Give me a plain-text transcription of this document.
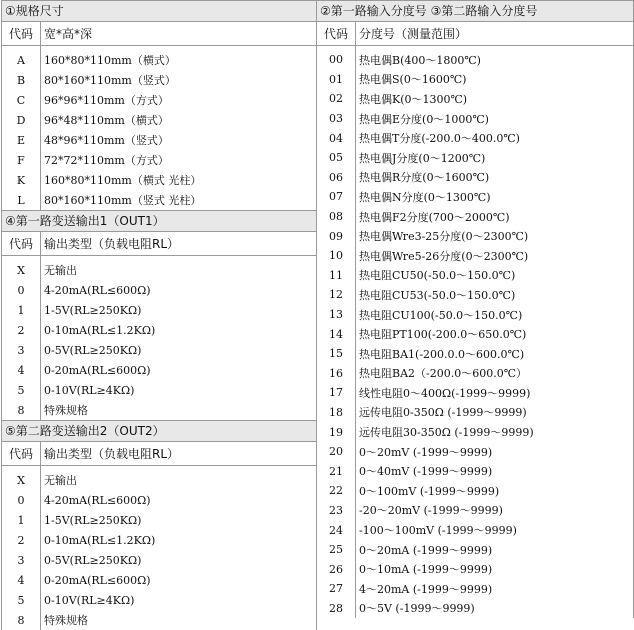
①规格尺寸
代码	宽*高*深

A	160*80*110mm（横式）
B	80*160*110mm（竖式）
C	96*96*110mm（方式）
D	96*48*110mm（横式）
E	48*96*110mm（竖式）
F	72*72*110mm（方式）
K	160*80*110mm（横式 光柱）
L	80*160*110mm（竖式 光柱）
④第一路变送输出1（OUT1）
代码	输出类型（负载电阻RL）

X	无输出
0	4-20mA(RL≤600Ω)
1	1-5V(RL≥250KΩ)
2	0-10mA(RL≤1.2KΩ)
3	0-5V(RL≥250KΩ)
4	0-20mA(RL≤600Ω)
5	0-10V(RL≥4KΩ)
8	特殊规格
⑤第二路变送输出2（OUT2）
代码	输出类型（负载电阻RL）

X	无输出
0	4-20mA(RL≤600Ω)
1	1-5V(RL≥250KΩ)
2	0-10mA(RL≤1.2KΩ)
3	0-5V(RL≥250KΩ)
4	0-20mA(RL≤600Ω)
5	0-10V(RL≥4KΩ)
8	特殊规格
②第一路输入分度号 ③第二路输入分度号
代码	分度号（测量范围）

00	热电偶B(400～1800℃)
01	热电偶S(0～1600℃)
02	热电偶K(0～1300℃)
03	热电偶E分度(0～1000℃)
04	热电偶T分度(-200.0～400.0℃)
05	热电偶J分度(0～1200℃)
06	热电偶R分度(0～1600℃)
07	热电偶N分度(0～1300℃)
08	热电偶F2分度(700～2000℃)
09	热电偶Wre3-25分度(0～2300℃)
10	热电偶Wre5-26分度(0～2300℃)
11	热电阻CU50(-50.0～150.0℃)
12	热电阻CU53(-50.0～150.0℃)
13	热电阻CU100(-50.0～150.0℃)
14	热电阻PT100(-200.0～650.0℃)
15	热电阻BA1(-200.0.0～600.0℃)
16	热电阻BA2（-200.0～600.0℃）
17	线性电阻0～400Ω(-1999～9999)
18	远传电阻0-350Ω (-1999～9999)
19	远传电阻30-350Ω (-1999～9999)
20	0～20mV (-1999～9999)
21	0～40mV (-1999～9999)
22	0～100mV (-1999～9999)
23	-20～20mV (-1999～9999)
24	-100～100mV (-1999～9999)
25	0～20mA (-1999～9999)
26	0～10mA (-1999～9999)
27	4～20mA (-1999～9999)
28	0～5V (-1999～9999)
